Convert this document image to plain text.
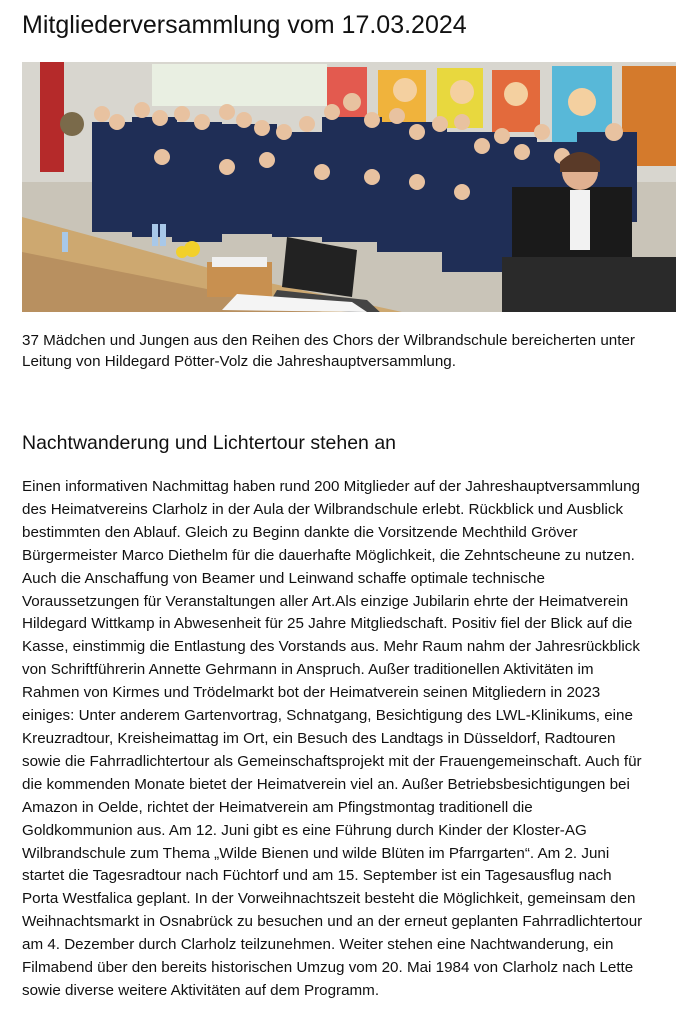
Mitgliederversammlung vom 17.03.2024

37 Mädchen und Jungen aus den Reihen des Chors der Wilbrandschule bereicherten unter
Leitung von Hildegard Pötter-Volz die Jahreshauptversammlung.

Nachtwanderung und Lichtertour stehen an

Einen informativen Nachmittag haben rund 200 Mitglieder auf der Jahreshauptversammlung
des Heimatvereins Clarholz in der Aula der Wilbrandschule erlebt. Rückblick und Ausblick
bestimmten den Ablauf. Gleich zu Beginn dankte die Vorsitzende Mechthild Gröver
Bürgermeister Marco Diethelm für die dauerhafte Möglichkeit, die Zehntscheune zu nutzen.
Auch die Anschaffung von Beamer und Leinwand schaffe optimale technische
Voraussetzungen für Veranstaltungen aller Art.Als einzige Jubilarin ehrte der Heimatverein
Hildegard Wittkamp in Abwesenheit für 25 Jahre Mitgliedschaft. Positiv fiel der Blick auf die
Kasse, einstimmig die Entlastung des Vorstands aus. Mehr Raum nahm der Jahresrückblick
von Schriftführerin Annette Gehrmann in Anspruch. Außer traditionellen Aktivitäten im
Rahmen von Kirmes und Trödelmarkt bot der Heimatverein seinen Mitgliedern in 2023
einiges: Unter anderem Gartenvortrag, Schnatgang, Besichtigung des LWL-Klinikums, eine
Kreuzradtour, Kreisheimattag im Ort, ein Besuch des Landtags in Düsseldorf, Radtouren
sowie die Fahrradlichtertour als Gemeinschaftsprojekt mit der Frauengemeinschaft. Auch für
die kommenden Monate bietet der Heimatverein viel an. Außer Betriebsbesichtigungen bei
Amazon in Oelde, richtet der Heimatverein am Pfingstmontag traditionell die
Goldkommunion aus. Am 12. Juni gibt es eine Führung durch Kinder der Kloster-AG
Wilbrandschule zum Thema „Wilde Bienen und wilde Blüten im Pfarrgarten“. Am 2. Juni
startet die Tagesradtour nach Füchtorf und am 15. September ist ein Tagesausflug nach
Porta Westfalica geplant. In der Vorweihnachtszeit besteht die Möglichkeit, gemeinsam den
Weihnachtsmarkt in Osnabrück zu besuchen und an der erneut geplanten Fahrradlichtertour
am 4. Dezember durch Clarholz teilzunehmen. Weiter stehen eine Nachtwanderung, ein
Filmabend über den bereits historischen Umzug vom 20. Mai 1984 von Clarholz nach Lette
sowie diverse weitere Aktivitäten auf dem Programm.
